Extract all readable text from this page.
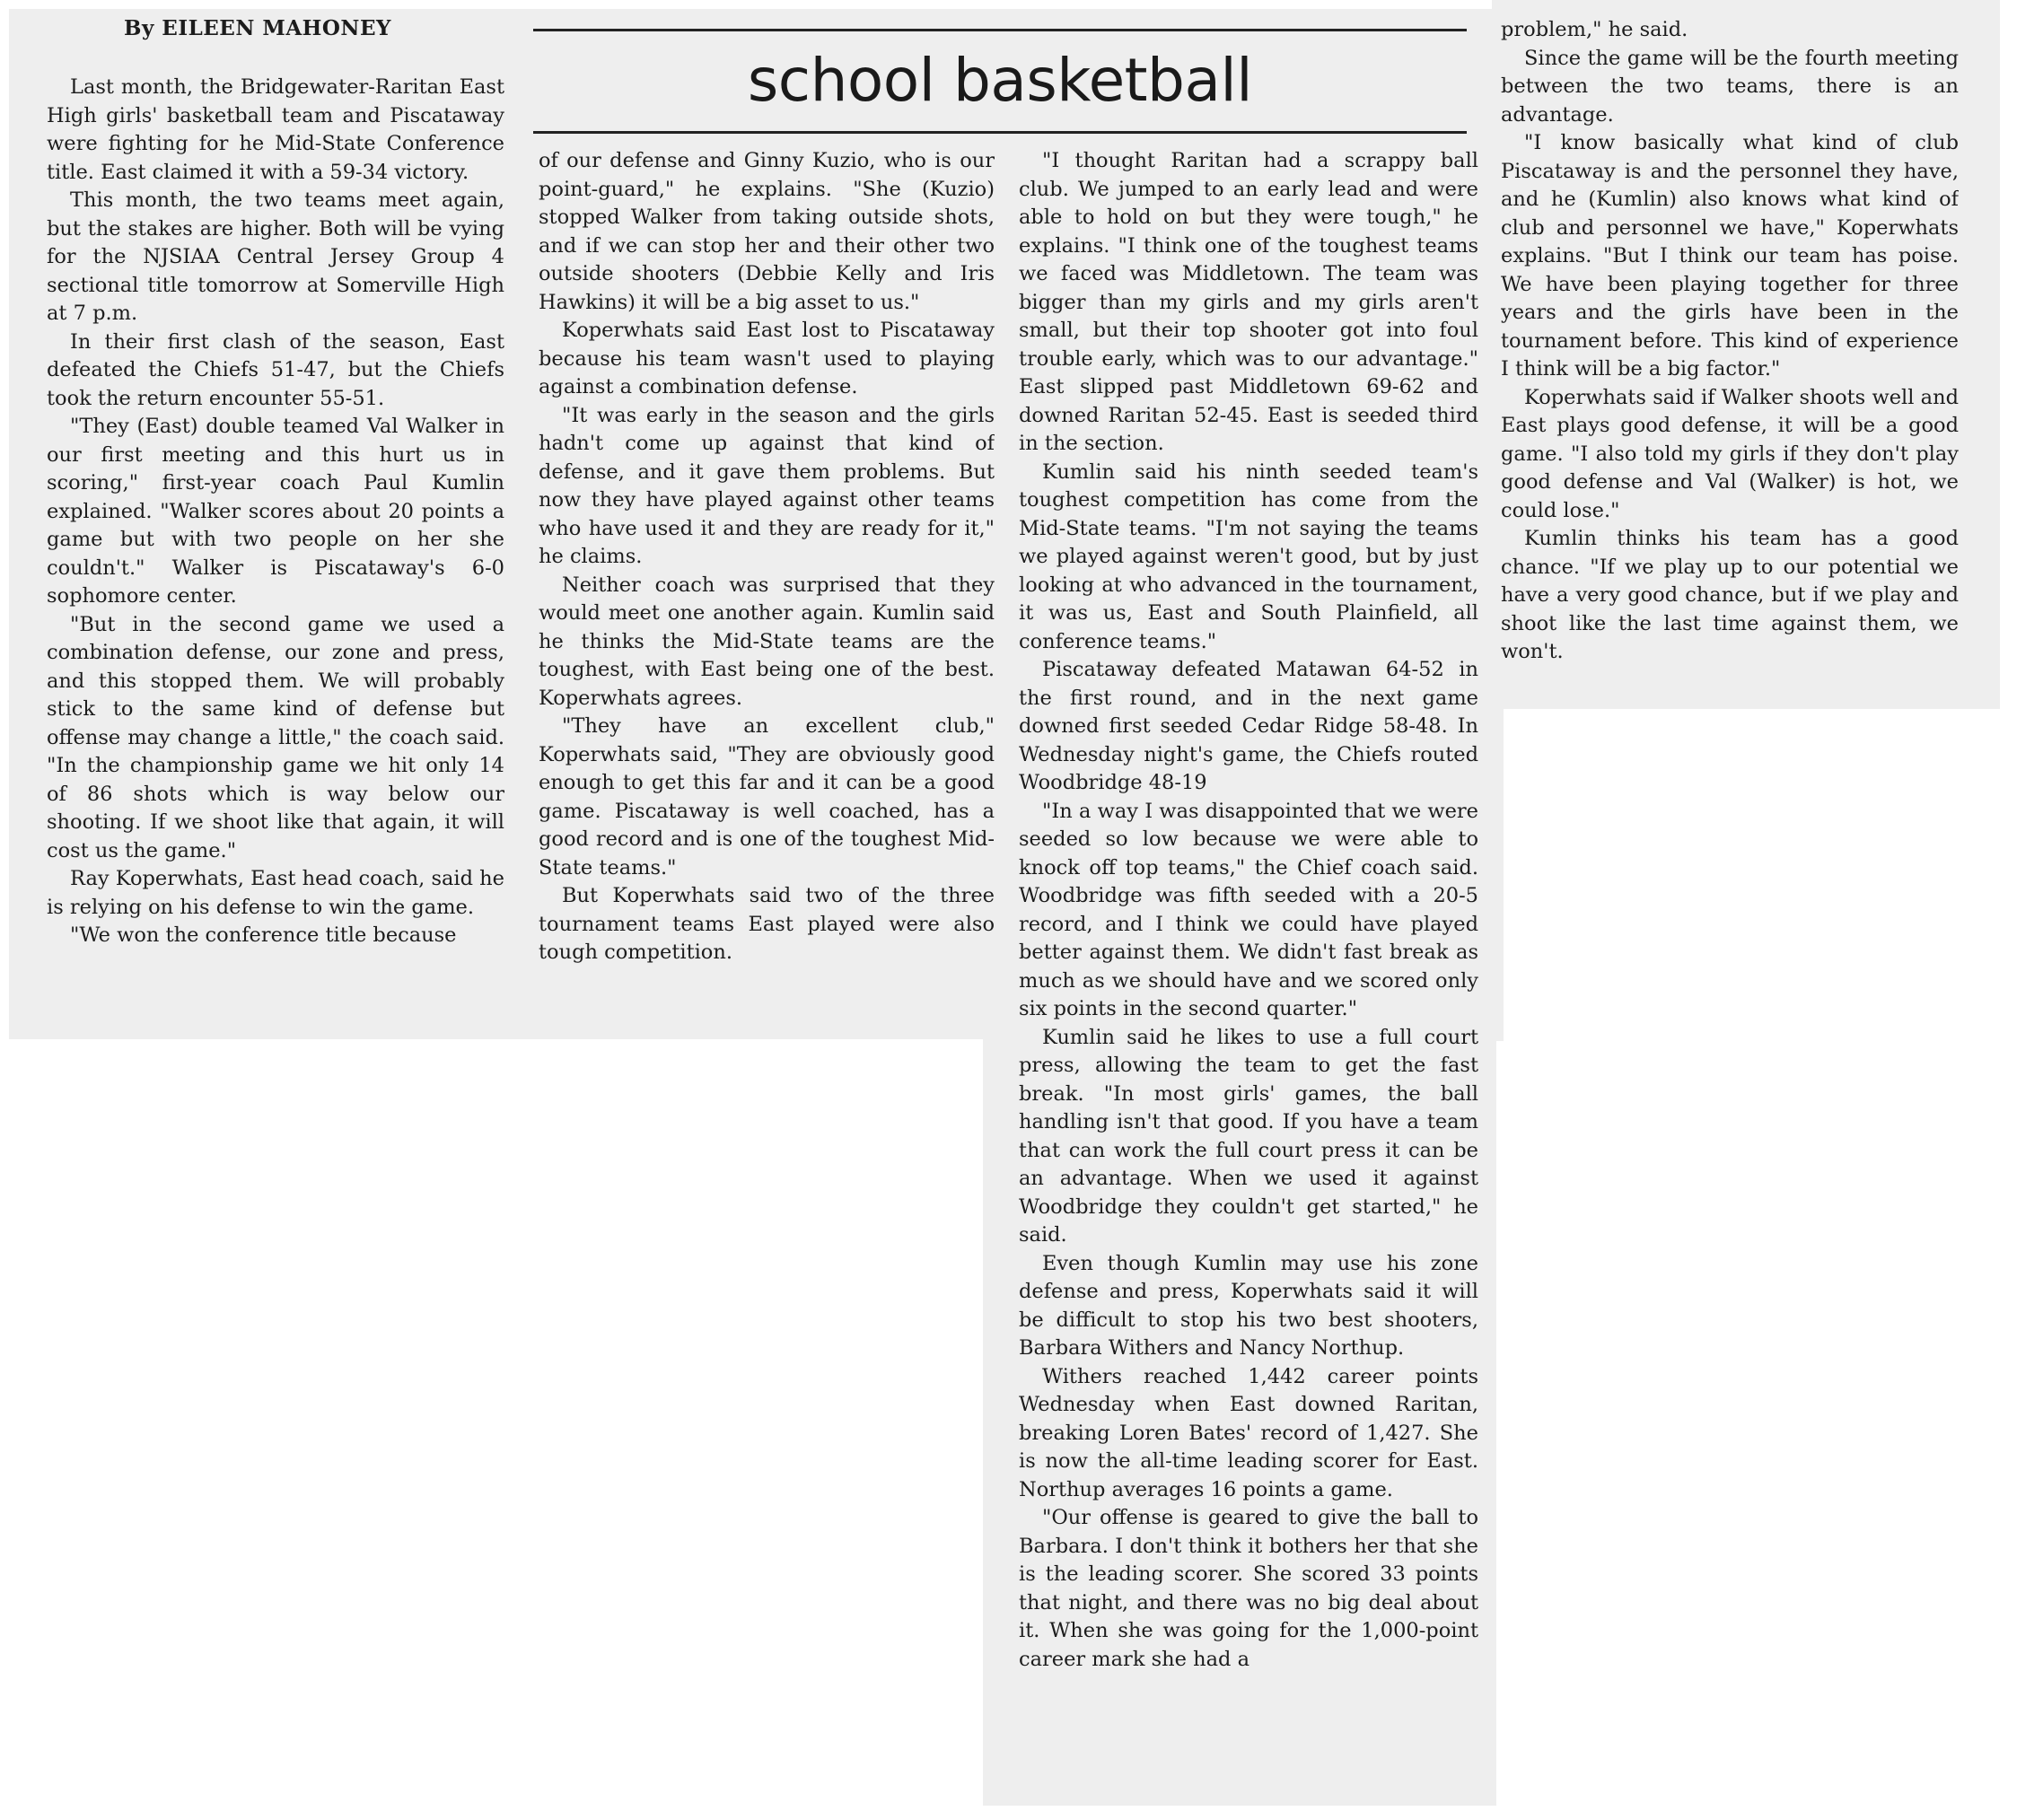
By EILEEN MAHONEY
school basketball

Last month, the Bridgewater-Raritan East High girls' basketball team and Piscataway were fighting for he Mid-State Conference title. East claimed it with a 59-34 victory.

This month, the two teams meet again, but the stakes are higher. Both will be vying for the NJSIAA Central Jersey Group 4 sectional title tomorrow at Somerville High at 7 p.m.

In their first clash of the season, East defeated the Chiefs 51-47, but the Chiefs took the return encounter 55-51.

"They (East) double teamed Val Walker in our first meeting and this hurt us in scoring," first-year coach Paul Kumlin explained. "Walker scores about 20 points a game but with two people on her she couldn't." Walker is Piscataway's 6-0 sophomore center.

"But in the second game we used a combination defense, our zone and press, and this stopped them. We will probably stick to the same kind of defense but offense may change a little," the coach said. "In the championship game we hit only 14 of 86 shots which is way below our shooting. If we shoot like that again, it will cost us the game."

Ray Koperwhats, East head coach, said he is relying on his defense to win the game.

"We won the conference title because

of our defense and Ginny Kuzio, who is our point-guard," he explains. "She (Kuzio) stopped Walker from taking outside shots, and if we can stop her and their other two outside shooters (Debbie Kelly and Iris Hawkins) it will be a big asset to us."

Koperwhats said East lost to Piscataway because his team wasn't used to playing against a combination defense.

"It was early in the season and the girls hadn't come up against that kind of defense, and it gave them problems. But now they have played against other teams who have used it and they are ready for it," he claims.

Neither coach was surprised that they would meet one another again. Kumlin said he thinks the Mid-State teams are the toughest, with East being one of the best. Koperwhats agrees.

"They have an excellent club," Koperwhats said, "They are obviously good enough to get this far and it can be a good game. Piscataway is well coached, has a good record and is one of the toughest Mid-State teams."

But Koperwhats said two of the three tournament teams East played were also tough competition.

"I thought Raritan had a scrappy ball club. We jumped to an early lead and were able to hold on but they were tough," he explains. "I think one of the toughest teams we faced was Middletown. The team was bigger than my girls and my girls aren't small, but their top shooter got into foul trouble early, which was to our advantage." East slipped past Middletown 69-62 and downed Raritan 52-45. East is seeded third in the section.

Kumlin said his ninth seeded team's toughest competition has come from the Mid-State teams. "I'm not saying the teams we played against weren't good, but by just looking at who advanced in the tournament, it was us, East and South Plainfield, all conference teams."

Piscataway defeated Matawan 64-52 in the first round, and in the next game downed first seeded Cedar Ridge 58-48. In Wednesday night's game, the Chiefs routed Woodbridge 48-19

"In a way I was disappointed that we were seeded so low because we were able to knock off top teams," the Chief coach said. Woodbridge was fifth seeded with a 20-5 record, and I think we could have played better against them. We didn't fast break as much as we should have and we scored only six points in the second quarter."

Kumlin said he likes to use a full court press, allowing the team to get the fast break. "In most girls' games, the ball handling isn't that good. If you have a team that can work the full court press it can be an advantage. When we used it against Woodbridge they couldn't get started," he said.

Even though Kumlin may use his zone defense and press, Koperwhats said it will be difficult to stop his two best shooters, Barbara Withers and Nancy Northup.

Withers reached 1,442 career points Wednesday when East downed Raritan, breaking Loren Bates' record of 1,427. She is now the all-time leading scorer for East. Northup averages 16 points a game.

"Our offense is geared to give the ball to Barbara. I don't think it bothers her that she is the leading scorer. She scored 33 points that night, and there was no big deal about it. When she was going for the 1,000-point career mark she had a

problem," he said.

Since the game will be the fourth meeting between the two teams, there is an advantage.

"I know basically what kind of club Piscataway is and the personnel they have, and he (Kumlin) also knows what kind of club and personnel we have," Koperwhats explains. "But I think our team has poise. We have been playing together for three years and the girls have been in the tournament before. This kind of experience I think will be a big factor."

Koperwhats said if Walker shoots well and East plays good defense, it will be a good game. "I also told my girls if they don't play good defense and Val (Walker) is hot, we could lose."

Kumlin thinks his team has a good chance. "If we play up to our potential we have a very good chance, but if we play and shoot like the last time against them, we won't.
